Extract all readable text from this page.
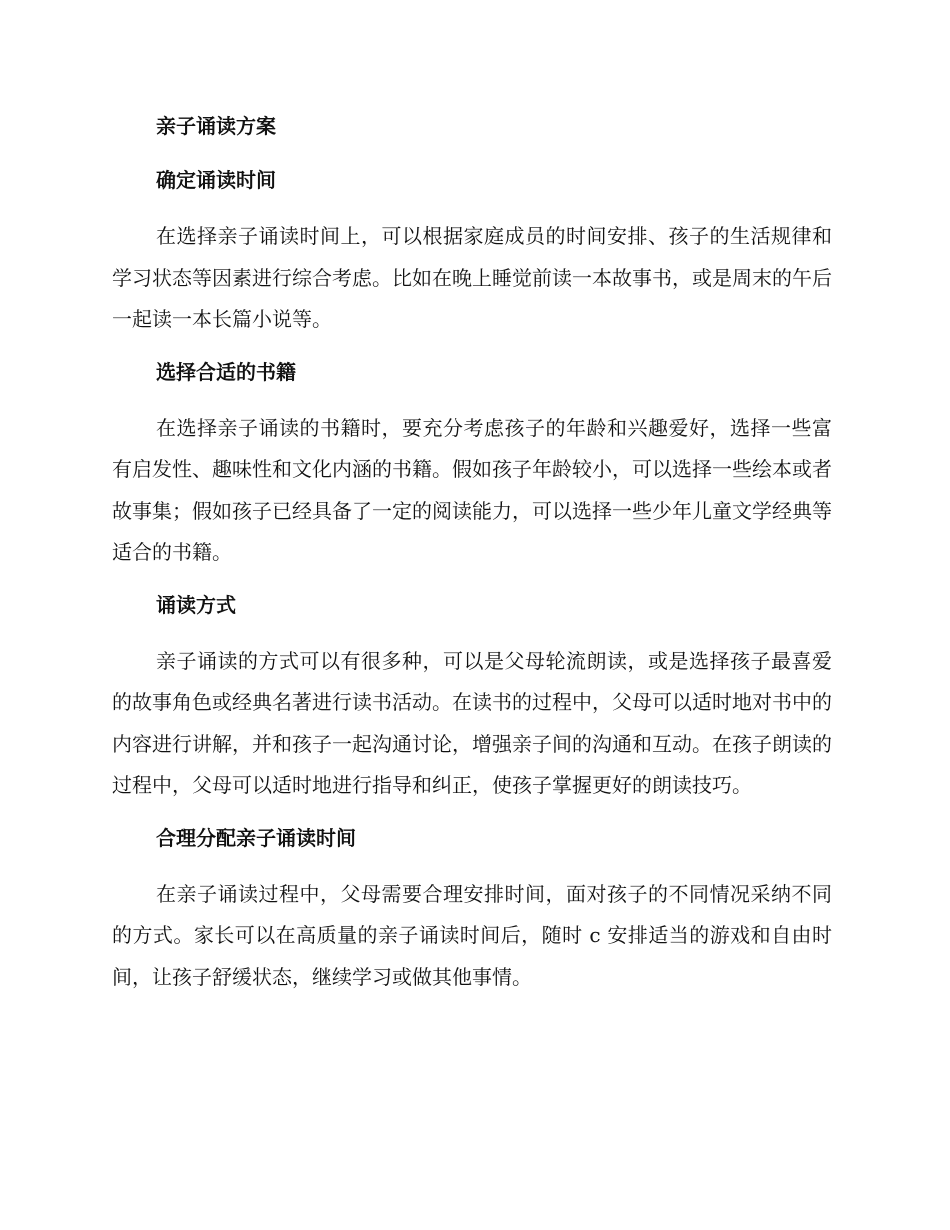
亲子诵读方案
确定诵读时间
在选择亲子诵读时间上，可以根据家庭成员的时间安排、孩子的生活规律和学习状态等因素进行综合考虑。比如在晚上睡觉前读一本故事书，或是周末的午后一起读一本长篇小说等。
选择合适的书籍
在选择亲子诵读的书籍时，要充分考虑孩子的年龄和兴趣爱好，选择一些富有启发性、趣味性和文化内涵的书籍。假如孩子年龄较小，可以选择一些绘本或者故事集；假如孩子已经具备了一定的阅读能力，可以选择一些少年儿童文学经典等适合的书籍。
诵读方式
亲子诵读的方式可以有很多种，可以是父母轮流朗读，或是选择孩子最喜爱的故事角色或经典名著进行读书活动。在读书的过程中，父母可以适时地对书中的内容进行讲解，并和孩子一起沟通讨论，增强亲子间的沟通和互动。在孩子朗读的过程中，父母可以适时地进行指导和纠正，使孩子掌握更好的朗读技巧。
合理分配亲子诵读时间
在亲子诵读过程中，父母需要合理安排时间，面对孩子的不同情况采纳不同的方式。家长可以在高质量的亲子诵读时间后，随时 c 安排适当的游戏和自由时间，让孩子舒缓状态，继续学习或做其他事情。
